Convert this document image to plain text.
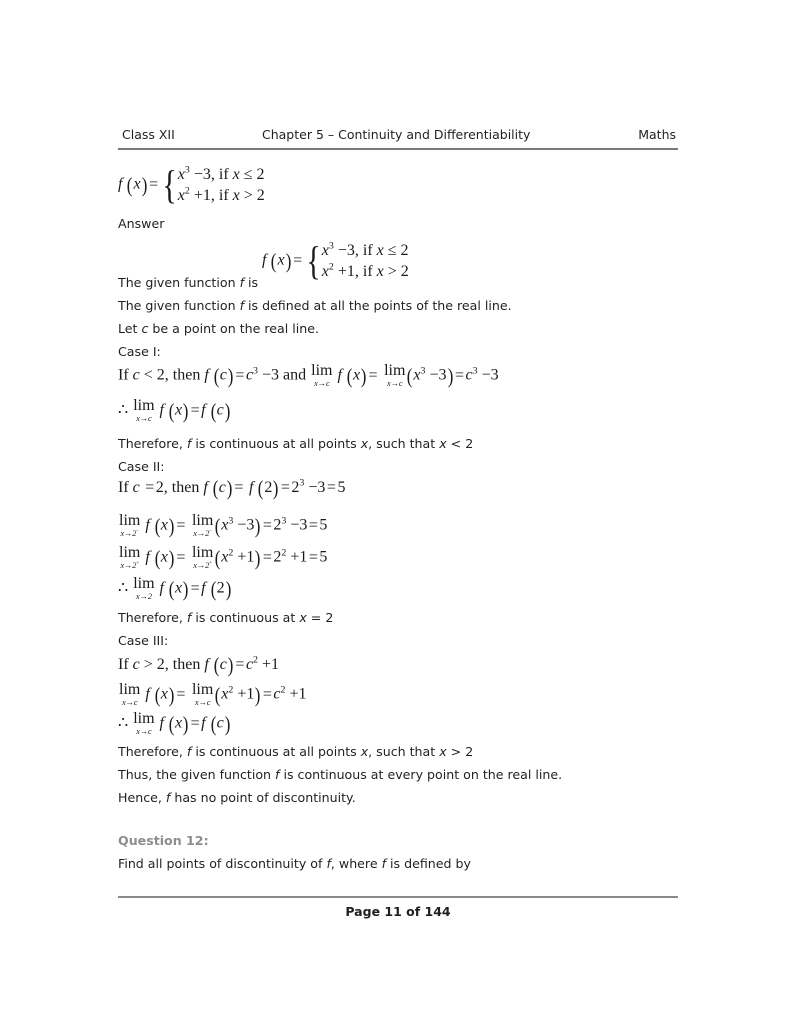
Class XII	Chapter 5 – Continuity and Differentiability	Maths
f (x) ={ $x^3 -3$, if x ≤ 2
$x^2 +1$, if x > 2
Answer
f (x) ={ $x^3 -3$, if x ≤ 2
$x^2 +1$, if x > 2
The given function f is
The given function f is defined at all the points of the real line.
Let c be a point on the real line.
Case I:
If c < 2, then f $(c) =c^3 -3$ and lim
x→c f (x) = lim
x→c $(x^3 -3) =c^3 -3$
∴ lim
x→c f (x) =f (c)
Therefore, f is continuous at all points x, such that x < 2
Case II:
If c =2, then f (c) = f $(2) =2^3 -3=5$
lim
x→2− f (x) = lim
x→2− $(x^3 -3) =2^3 -3=5$
lim
x→2+ f (x) = lim
x→2+ $(x^2 +1) =2^2 +1=5$
∴ lim
x→2 f (x) =f (2)
Therefore, f is continuous at x = 2
Case III:
If c > 2, then f $(c) =c^2 +1$
lim
x→c f (x) = lim
x→c $(x^2 +1) =c^2 +1$
∴ lim
x→c f (x) =f (c)
Therefore, f is continuous at all points x, such that x > 2
Thus, the given function f is continuous at every point on the real line.
Hence, f has no point of discontinuity.
Question 12:
Find all points of discontinuity of f, where f is defined by
Page 11 of 144
